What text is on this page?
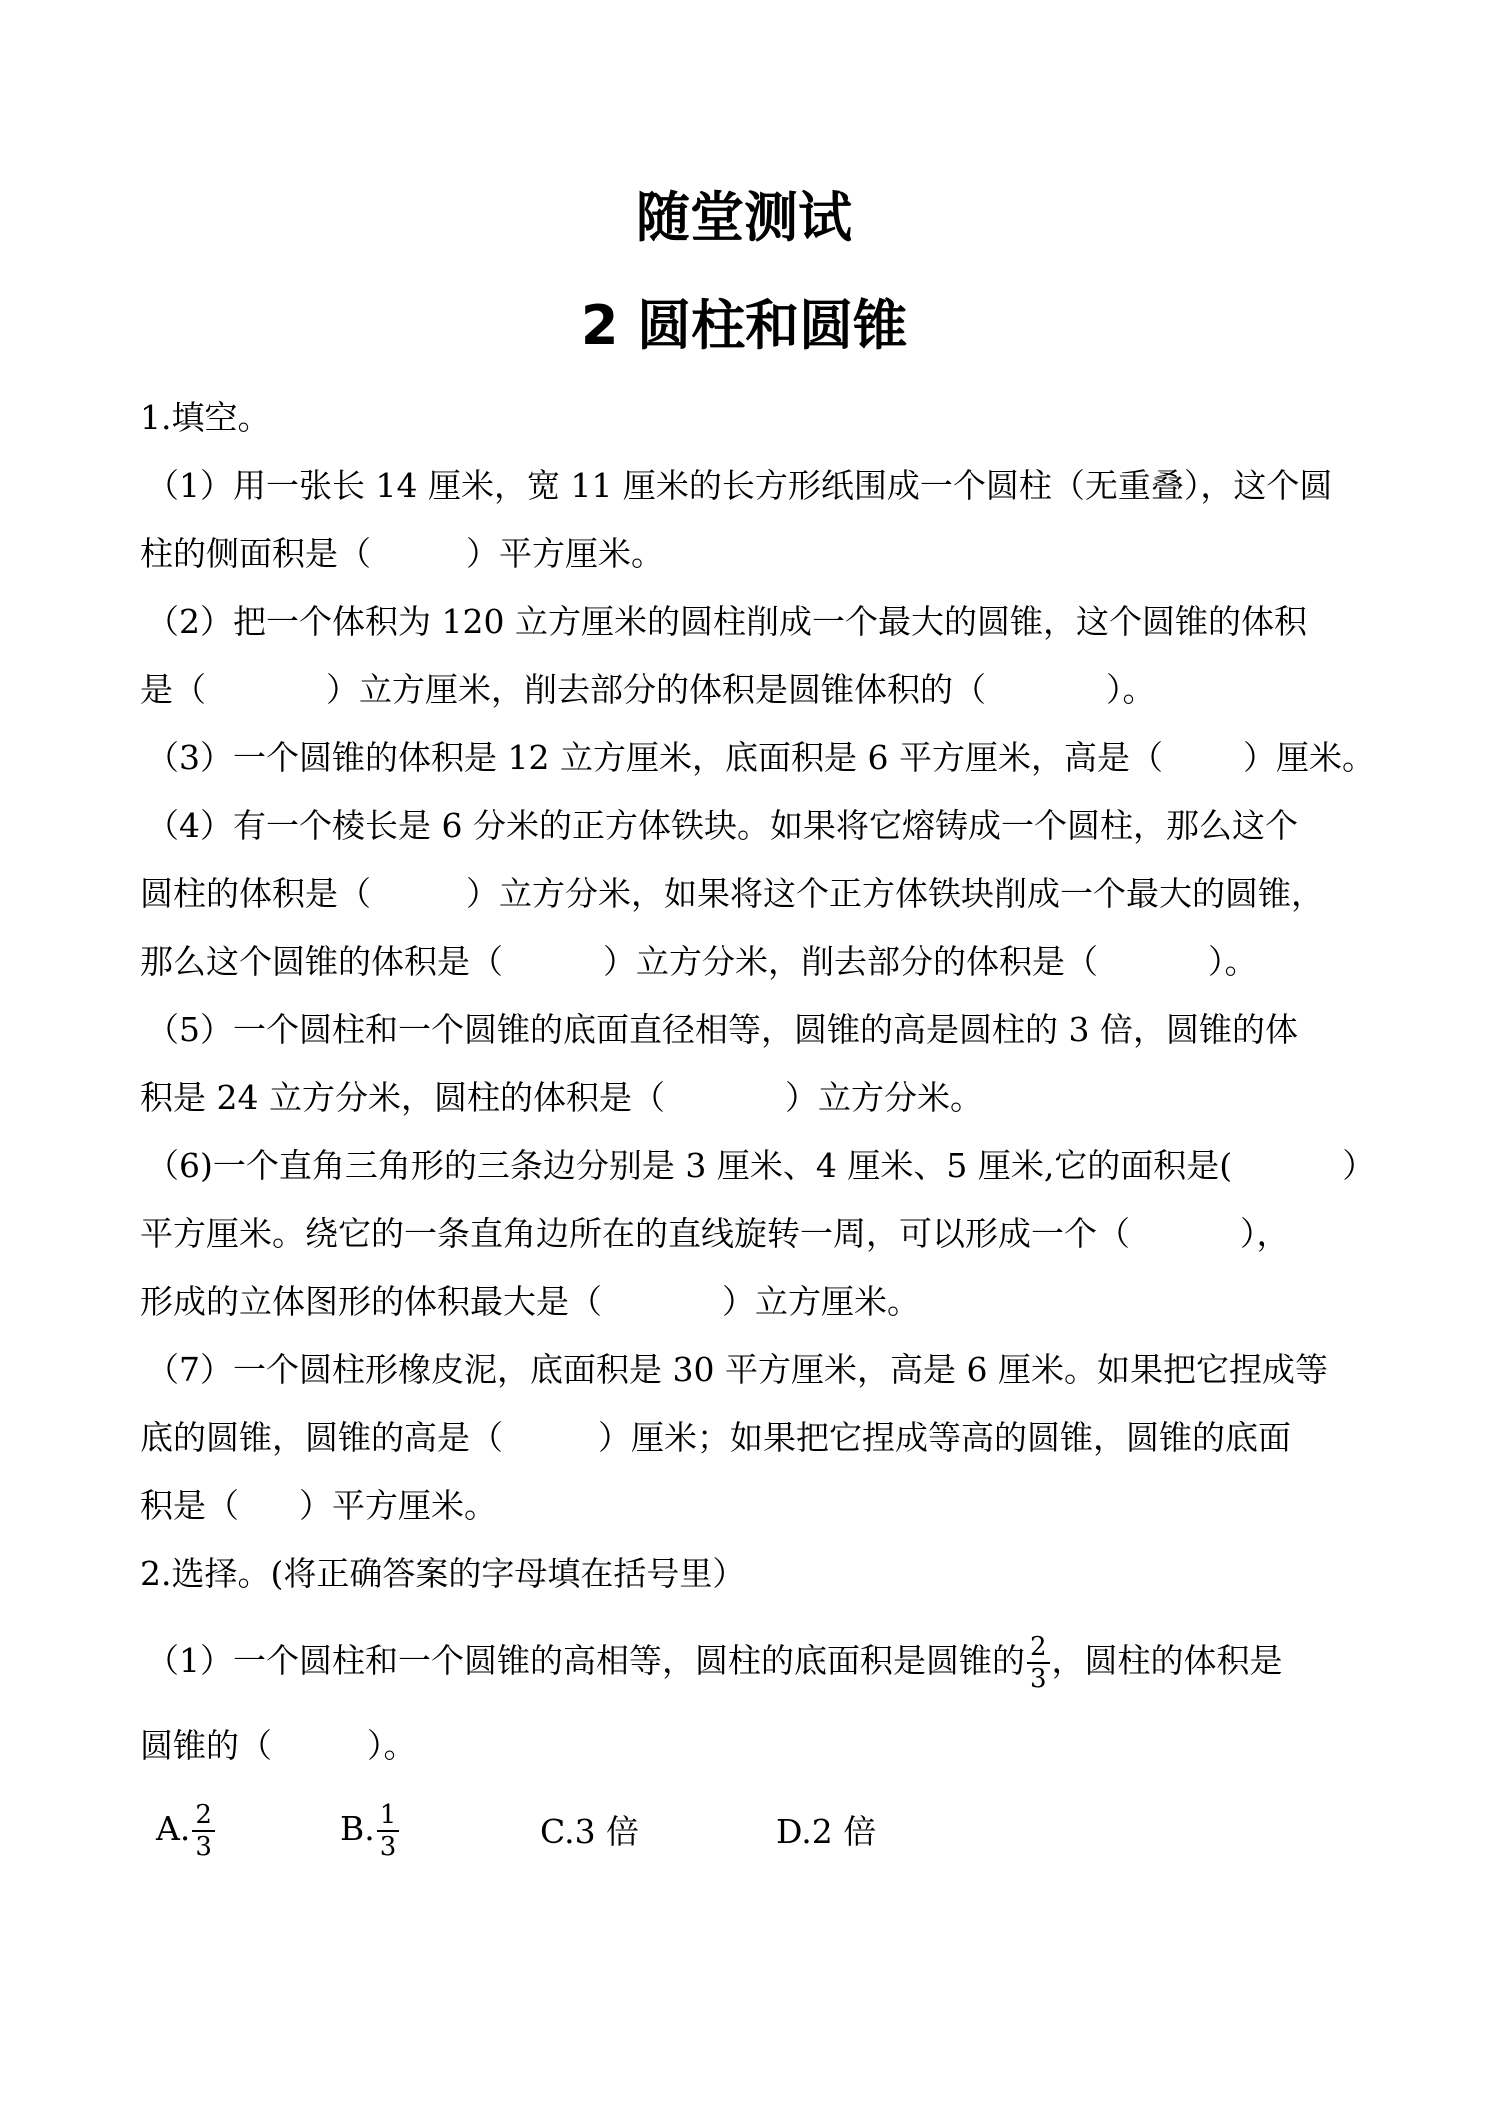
随堂测试
2 圆柱和圆锥
1.填空。
（1）用一张长 14 厘米，宽 11 厘米的长方形纸围成一个圆柱（无重叠），这个圆
柱的侧面积是（	）平方厘米。
（2）把一个体积为 120 立方厘米的圆柱削成一个最大的圆锥，这个圆锥的体积
是（	）立方厘米，削去部分的体积是圆锥体积的（	）。
（3）一个圆锥的体积是 12 立方厘米，底面积是 6 平方厘米，高是（ ）厘米。
（4）有一个棱长是 6 分米的正方体铁块。如果将它熔铸成一个圆柱，那么这个
圆柱的体积是（	）立方分米，如果将这个正方体铁块削成一个最大的圆锥，
那么这个圆锥的体积是（	）立方分米，削去部分的体积是（	）。
（5）一个圆柱和一个圆锥的底面直径相等，圆锥的高是圆柱的 3 倍，圆锥的体
积是 24 立方分米，圆柱的体积是（	）立方分米。
（6)一个直角三角形的三条边分别是 3 厘米、4 厘米、5 厘米,它的面积是(	）
平方厘米。绕它的一条直角边所在的直线旋转一周，可以形成一个（	），
形成的立体图形的体积最大是（	）立方厘米。
（7）一个圆柱形橡皮泥，底面积是 30 平方厘米，高是 6 厘米。如果把它捏成等
底的圆锥，圆锥的高是（	）厘米；如果把它捏成等高的圆锥，圆锥的底面
积是（ ）平方厘米。
2.选择。(将正确答案的字母填在括号里）
（1）一个圆柱和一个圆锥的高相等，圆柱的底面积是圆锥的 $\frac{2}{3}$ ，圆柱的体积是
圆锥的（	）。
A. $\frac{2}{3}$	B. $\frac{1}{3}$	C.3 倍	D.2 倍
